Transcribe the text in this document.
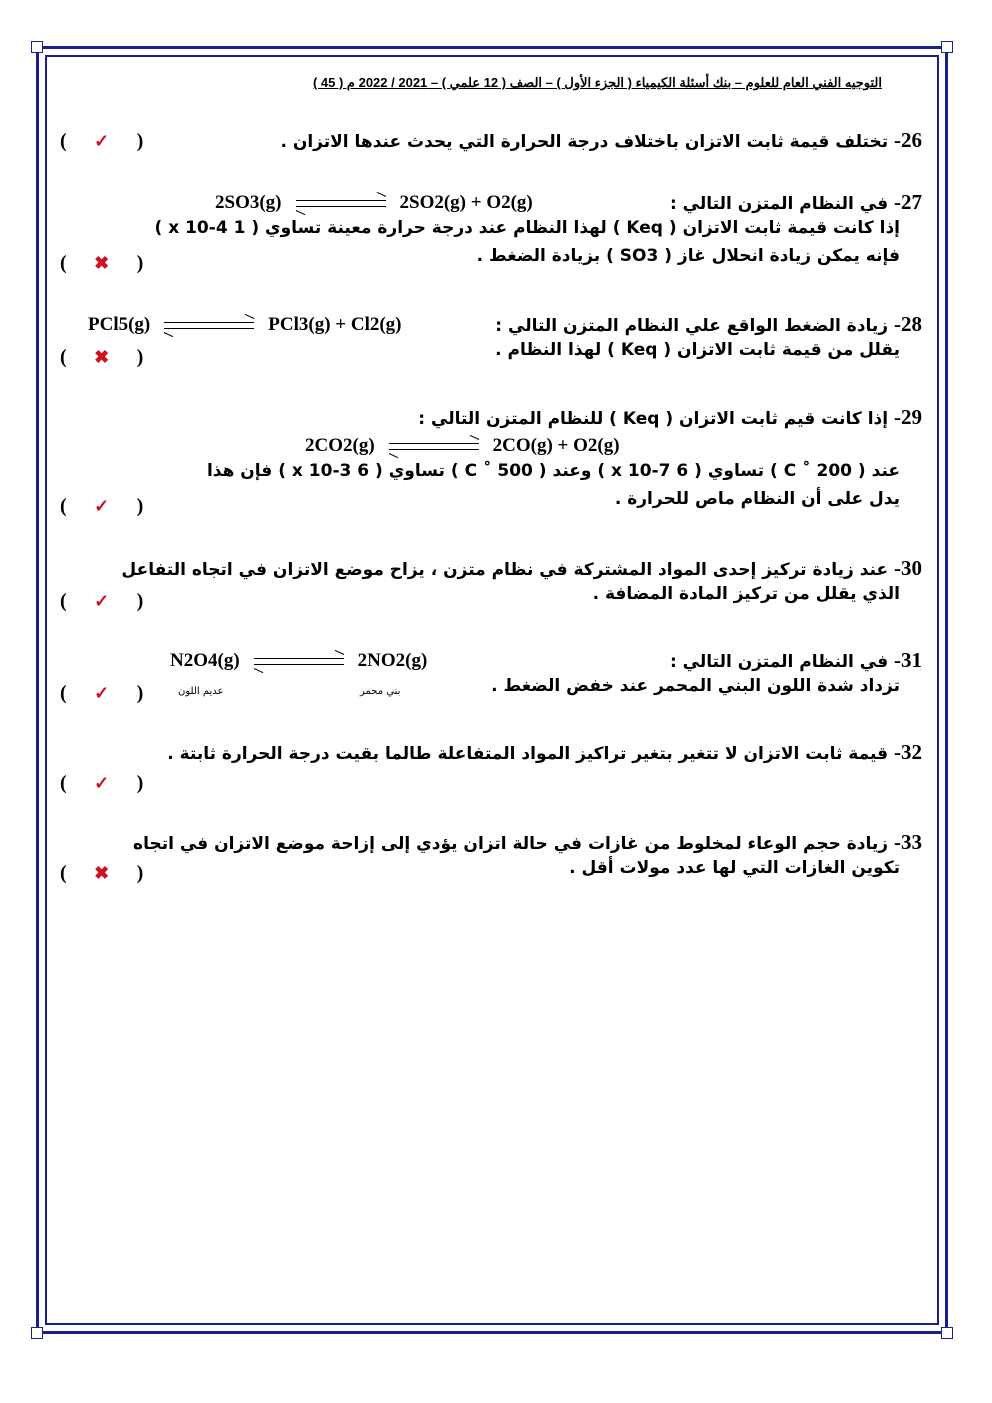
التوجيه الفني العام للعلوم – بنك أسئلة الكيمياء ( الجزء الأول ) – الصف ( 12 علمي ) – 2021 / 2022 م ( 45 )
26- تختلف قيمة ثابت الاتزان باختلاف درجة الحرارة التي يحدث عندها الاتزان .
( ✓ )
27- في النظام المتزن التالي :
إذا كانت قيمة ثابت الاتزان ( Keq ) لهذا النظام عند درجة حرارة معينة تساوي ( 1 x 10-4 )
فإنه يمكن زيادة انحلال غاز ( SO3 ) بزيادة الضغط .
2SO3(g)	2SO2(g) + O2(g)
( ✖ )
28- زيادة الضغط الواقع علي النظام المتزن التالي :
يقلل من قيمة ثابت الاتزان ( Keq ) لهذا النظام .
PCl5(g)	PCl3(g) + Cl2(g)
( ✖ )
29- إذا كانت قيم ثابت الاتزان ( Keq ) للنظام المتزن التالي :
عند ( 200 ˚ C ) تساوي ( 6 x 10-7 ) وعند ( 500 ˚ C ) تساوي ( 6 x 10-3 ) فإن هذا
يدل على أن النظام ماص للحرارة .
2CO2(g)	2CO(g) + O2(g)
( ✓ )
30- عند زيادة تركيز إحدى المواد المشتركة في نظام متزن ، يزاح موضع الاتزان في اتجاه التفاعل
الذي يقلل من تركيز المادة المضافة .
( ✓ )
31- في النظام المتزن التالي :
تزداد شدة اللون البني المحمر عند خفض الضغط .
N2O4(g)	2NO2(g)
عديم اللون	بني محمر
( ✓ )
32- قيمة ثابت الاتزان لا تتغير بتغير تراكيز المواد المتفاعلة طالما بقيت درجة الحرارة ثابتة .
( ✓ )
33- زيادة حجم الوعاء لمخلوط من غازات في حالة اتزان يؤدي إلى إزاحة موضع الاتزان في اتجاه
تكوين الغازات التي لها عدد مولات أقل .
( ✖ )
